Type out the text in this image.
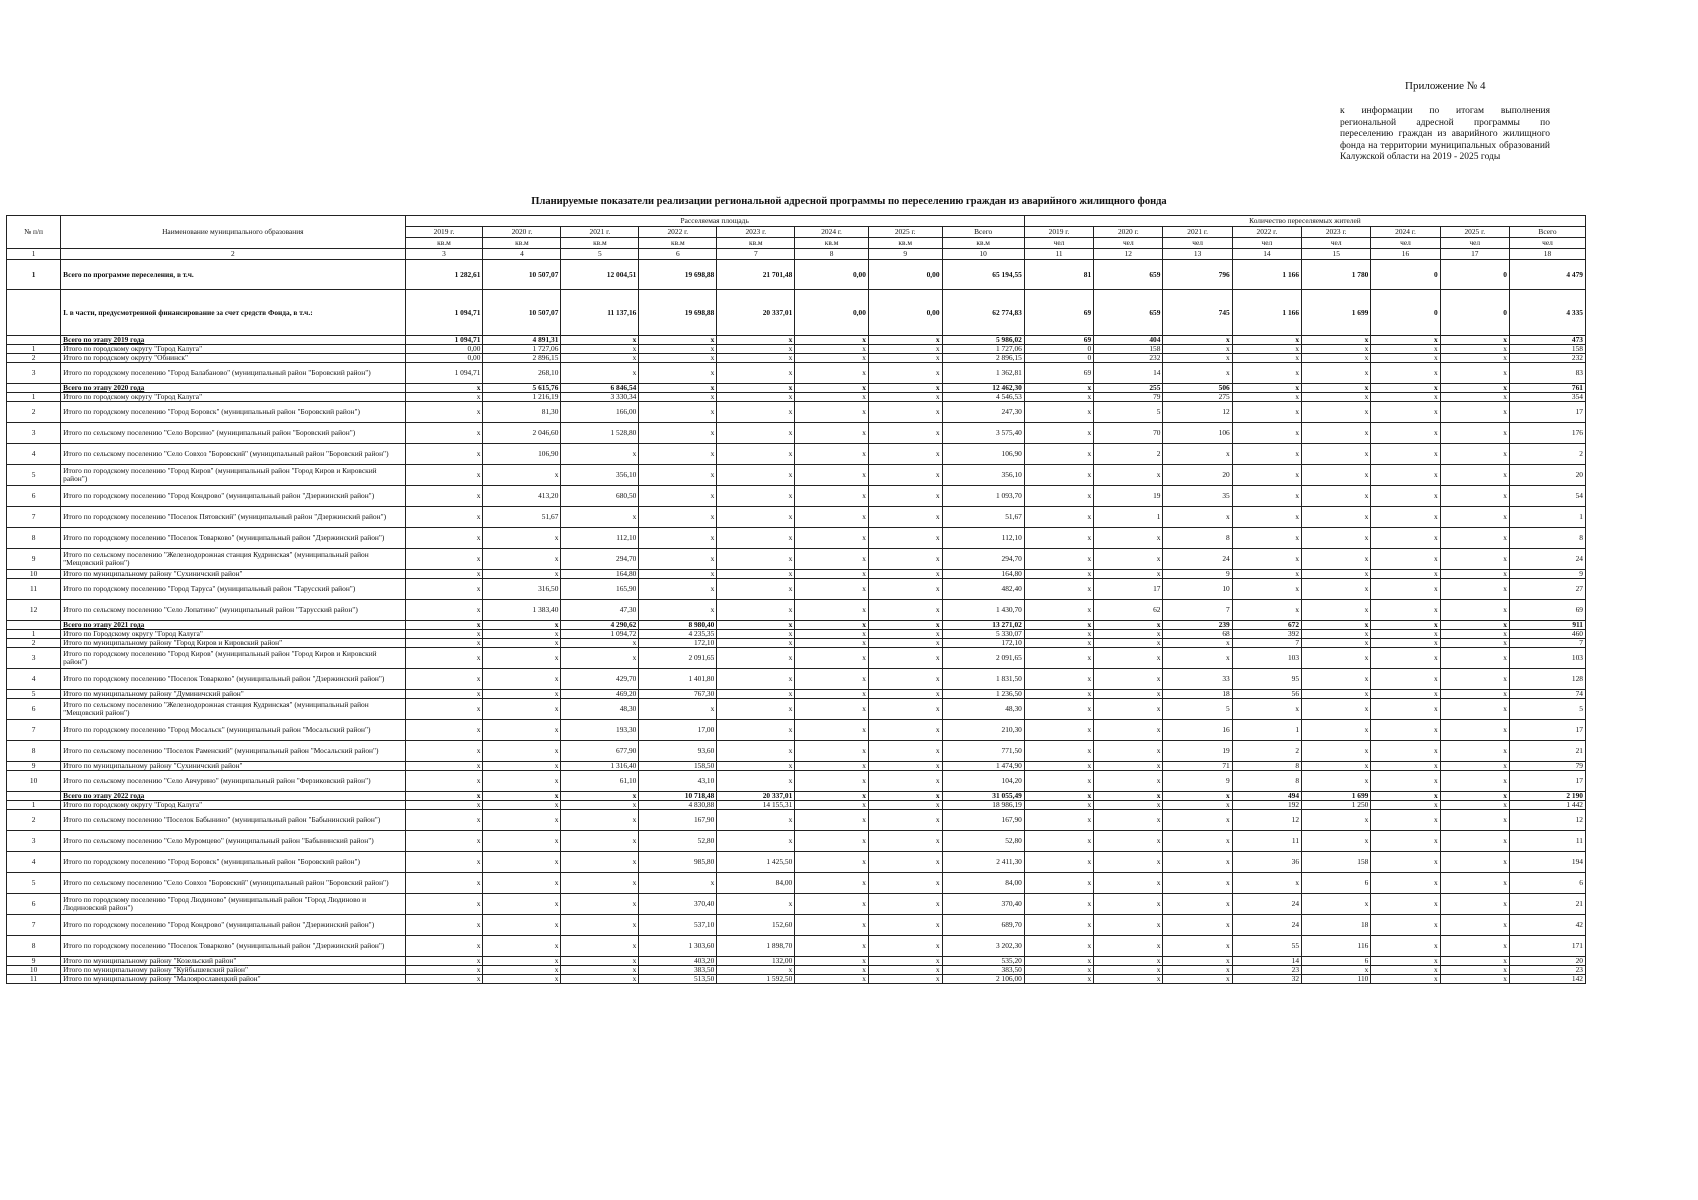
Приложение № 4
к информации по итогам выполнения региональной адресной программы по переселению граждан из аварийного жилищного фонда на территории муниципальных образований Калужской области на 2019 - 2025 годы
Планируемые показатели реализации региональной адресной программы по переселению граждан из аварийного жилищного фонда
№ п/п	Наименование муниципального образования	Расселяемая площадь								Количество переселяемых жителей							
		2019 г.	2020 г.	2021 г.	2022 г.	2023 г.	2024 г.	2025 г.	Всего	2019 г.	2020 г.	2021 г.	2022 г.	2023 г.	2024 г.	2025 г.	Всего
		кв.м	кв.м	кв.м	кв.м	кв.м	кв.м	кв.м	кв.м	чел	чел	чел	чел	чел	чел	чел	чел
1	2	3	4	5	6	7	8	9	10	11	12	13	14	15	16	17	18
1	Всего по программе переселения, в т.ч.	1 282,61	10 507,07	12 004,51	19 698,88	21 701,48	0,00	0,00	65 194,55	81	659	796	1 166	1 780	0	0	4 479
	I. в части, предусмотренной финансирование за счет средств Фонда, в т.ч.:	1 094,71	10 507,07	11 137,16	19 698,88	20 337,01	0,00	0,00	62 774,83	69	659	745	1 166	1 699	0	0	4 335
	Всего по этапу 2019 года	1 094,71	4 891,31	x	x	x	x	x	5 986,02	69	404	x	x	x	x	x	473
1	Итого по городскому округу "Город Калуга"	0,00	1 727,06	x	x	x	x	x	1 727,06	0	158	x	x	x	x	x	158
2	Итого по городскому округу "Обнинск"	0,00	2 896,15	x	x	x	x	x	2 896,15	0	232	x	x	x	x	x	232
3	Итого по городскому поселению "Город Балабаново" (муниципальный район "Боровский район")	1 094,71	268,10	x	x	x	x	x	1 362,81	69	14	x	x	x	x	x	83
	Всего по этапу 2020 года	x	5 615,76	6 846,54	x	x	x	x	12 462,30	x	255	506	x	x	x	x	761
1	Итого по городскому округу "Город Калуга"	x	1 216,19	3 330,34	x	x	x	x	4 546,53	x	79	275	x	x	x	x	354
2	Итого по городскому поселению "Город Боровск" (муниципальный район "Боровский район")	x	81,30	166,00	x	x	x	x	247,30	x	5	12	x	x	x	x	17
3	Итого по сельскому поселению "Село Ворсино" (муниципальный район "Боровский район")	x	2 046,60	1 528,80	x	x	x	x	3 575,40	x	70	106	x	x	x	x	176
4	Итого по сельскому поселению "Село Совхоз "Боровский" (муниципальный район "Боровский район")	x	106,90	x	x	x	x	x	106,90	x	2	x	x	x	x	x	2
5	Итого по городскому поселению "Город Киров" (муниципальный район "Город Киров и Кировский район")	x	x	356,10	x	x	x	x	356,10	x	x	20	x	x	x	x	20
6	Итого по городскому поселению "Город Кондрово" (муниципальный район "Дзержинский район")	x	413,20	680,50	x	x	x	x	1 093,70	x	19	35	x	x	x	x	54
7	Итого по городскому поселению "Поселок Пятовский" (муниципальный район "Дзержинский район")	x	51,67	x	x	x	x	x	51,67	x	1	x	x	x	x	x	1
8	Итого по городскому поселению "Поселок Товарково" (муниципальный район "Дзержинский район")	x	x	112,10	x	x	x	x	112,10	x	x	8	x	x	x	x	8
9	Итого по сельскому поселению "Железнодорожная станция Кудринская" (муниципальный район "Мещовский район")	x	x	294,70	x	x	x	x	294,70	x	x	24	x	x	x	x	24
10	Итого по муниципальному району "Сухиничский район"	x	x	164,80	x	x	x	x	164,80	x	x	9	x	x	x	x	9
11	Итого по городскому поселению "Город Таруса" (муниципальный район "Тарусский район")	x	316,50	165,90	x	x	x	x	482,40	x	17	10	x	x	x	x	27
12	Итого по сельскому поселению "Село Лопатино" (муниципальный район "Тарусский район")	x	1 383,40	47,30	x	x	x	x	1 430,70	x	62	7	x	x	x	x	69
	Всего по этапу 2021 года	x	x	4 290,62	8 980,40	x	x	x	13 271,02	x	x	239	672	x	x	x	911
1	Итого по Городскому округу "Город Калуга"	x	x	1 094,72	4 235,35	x	x	x	5 330,07	x	x	68	392	x	x	x	460
2	Итого по муниципальному району "Город Киров и Кировский район"	x	x	x	172,10	x	x	x	172,10	x	x	x	7	x	x	x	7
3	Итого по городскому поселению "Город Киров" (муниципальный район "Город Киров и Кировский район")	x	x	x	2 091,65	x	x	x	2 091,65	x	x	x	103	x	x	x	103
4	Итого по городскому поселению "Поселок Товарково" (муниципальный район "Дзержинский район")	x	x	429,70	1 401,80	x	x	x	1 831,50	x	x	33	95	x	x	x	128
5	Итого по муниципальному району "Думиничский район"	x	x	469,20	767,30	x	x	x	1 236,50	x	x	18	56	x	x	x	74
6	Итого по сельскому поселению "Железнодорожная станция Кудринская" (муниципальный район "Мещовский район")	x	x	48,30	x	x	x	x	48,30	x	x	5	x	x	x	x	5
7	Итого по городскому поселению "Город Мосальск" (муниципальный район "Мосальский район")	x	x	193,30	17,00	x	x	x	210,30	x	x	16	1	x	x	x	17
8	Итого по сельскому поселению "Поселок Раменский" (муниципальный район "Мосальский район")	x	x	677,90	93,60	x	x	x	771,50	x	x	19	2	x	x	x	21
9	Итого по муниципальному району "Сухиничский район"	x	x	1 316,40	158,50	x	x	x	1 474,90	x	x	71	8	x	x	x	79
10	Итого по сельскому поселению "Село Авчурино" (муниципальный район "Ферзиковский район")	x	x	61,10	43,10	x	x	x	104,20	x	x	9	8	x	x	x	17
	Всего по этапу 2022 года	x	x	x	10 718,48	20 337,01	x	x	31 055,49	x	x	x	494	1 699	x	x	2 190
1	Итого по городскому округу "Город Калуга"	x	x	x	4 830,88	14 155,31	x	x	18 986,19	x	x	x	192	1 250	x	x	1 442
2	Итого по сельскому поселению "Поселок Бабынино" (муниципальный район "Бабынинский район")	x	x	x	167,90	x	x	x	167,90	x	x	x	12	x	x	x	12
3	Итого по сельскому поселению "Село Муромцево" (муниципальный район "Бабынинский район")	x	x	x	52,80	x	x	x	52,80	x	x	x	11	x	x	x	11
4	Итого по городскому поселению "Город Боровск" (муниципальный район "Боровский район")	x	x	x	985,80	1 425,50	x	x	2 411,30	x	x	x	36	158	x	x	194
5	Итого по сельскому поселению "Село Совхоз "Боровский" (муниципальный район "Боровский район")	x	x	x	x	84,00	x	x	84,00	x	x	x	x	6	x	x	6
6	Итого по городскому поселению "Город Людиново" (муниципальный район "Город Людиново и Людиновский район")	x	x	x	370,40	x	x	x	370,40	x	x	x	24	x	x	x	21
7	Итого по городскому поселению "Город Кондрово" (муниципальный район "Дзержинский район")	x	x	x	537,10	152,60	x	x	689,70	x	x	x	24	18	x	x	42
8	Итого по городскому поселению "Поселок Товарково" (муниципальный район "Дзержинский район")	x	x	x	1 303,60	1 898,70	x	x	3 202,30	x	x	x	55	116	x	x	171
9	Итого по муниципальному району "Козельский район"	x	x	x	403,20	132,00	x	x	535,20	x	x	x	14	6	x	x	20
10	Итого по муниципальному району "Куйбышевский район"	x	x	x	383,50	x	x	x	383,50	x	x	x	23	x	x	x	23
11	Итого по муниципальному району "Малоярославецкий район"	x	x	x	513,50	1 592,50	x	x	2 106,00	x	x	x	32	110	x	x	142
